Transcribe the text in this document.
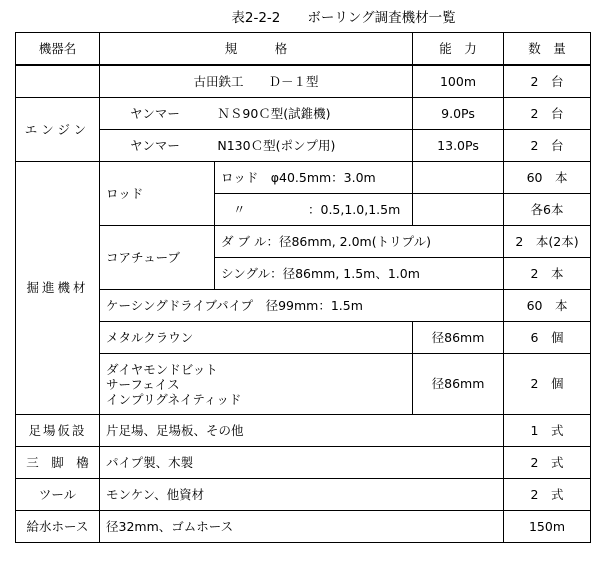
表2-2-2　　ボーリング調査機材一覧
機器名	規　　　格		能　力	数　量
	古田鉄工　　Ｄ－１型		100m	2　台
エンジン	ヤンマー　　　ＮＳ90Ｃ型(試錐機)		9.0Ps	2　台
	ヤンマー　　　N130Ｃ型(ポンプ用)		13.0Ps	2　台
掘進機材	ロッド	ロッド　φ40.5mm：3.0m		60　本
		〃　　　　　：0.5,1.0,1.5m		各6本
	コアチューブ	ダ ブ ル：径86mm, 2.0m(トリプル)		2　本(2本)
		シングル：径86mm, 1.5m、1.0m		2　本
	ケーシングドライブパイプ　径99mm：1.5m			60　本
	メタルクラウン		径86mm	6　個

	ダイヤモンドビット
サーフェイス
インプリグネイティッド		径86mm	2　個
足場仮設	片足場、足場板、その他			1　式
三　脚　櫓	パイプ製、木製			2　式
ツール	モンケン、他資材			2　式
給水ホース	径32mm、ゴムホース			150m
